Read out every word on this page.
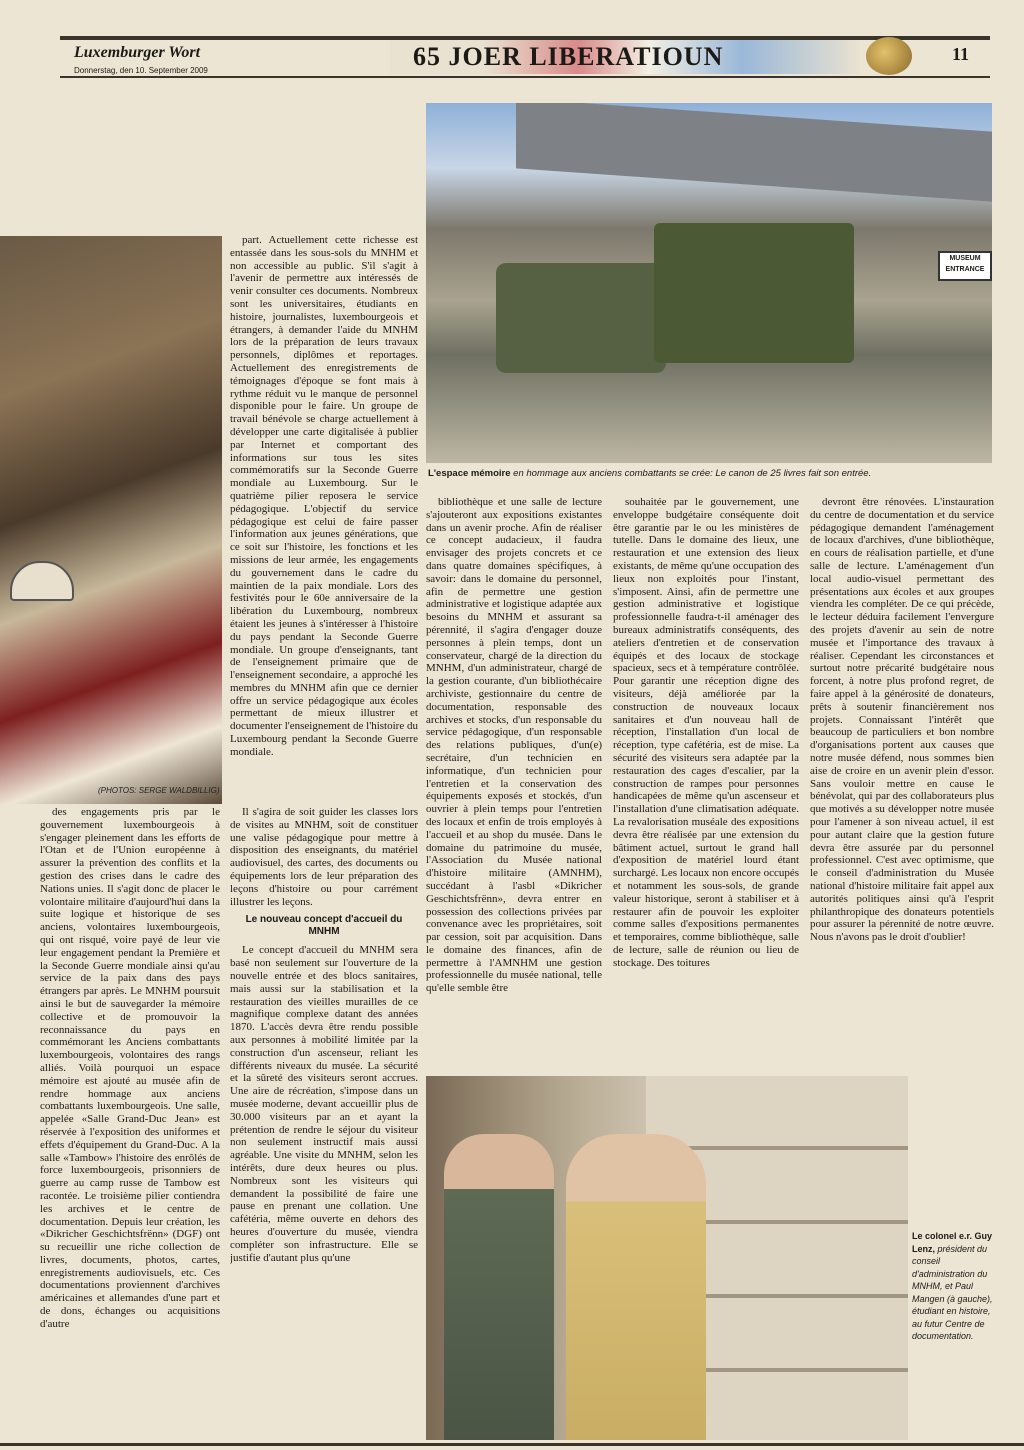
Luxemburger Wort
Donnerstag, den 10. September 2009	65 JOER LIBERATIOUN	11
(PHOTOS: SERGE WALDBILLIG)
MUSEUM ENTRANCE
L'espace mémoire en hommage aux anciens combattants se crée: Le canon de 25 livres fait son entrée.

part. Actuellement cette richesse est entassée dans les sous-sols du MNHM et non accessible au public. S'il s'agit à l'avenir de permettre aux intéressés de venir consulter ces documents. Nombreux sont les universitaires, étudiants en histoire, journalistes, luxembourgeois et étrangers, à demander l'aide du MNHM lors de la préparation de leurs travaux personnels, diplômes et reportages. Actuellement des enregistrements de témoignages d'époque se font mais à rythme réduit vu le manque de personnel disponible pour le faire. Un groupe de travail bénévole se charge actuellement à développer une carte digitalisée à publier par Internet et comportant des informations sur tous les sites commémoratifs sur la Seconde Guerre mondiale au Luxembourg. Sur le quatrième pilier reposera le service pédagogique. L'objectif du service pédagogique est celui de faire passer l'information aux jeunes générations, que ce soit sur l'histoire, les fonctions et les missions de leur armée, les engagements du gouvernement dans le cadre du maintien de la paix mondiale. Lors des festivités pour le 60e anniversaire de la libération du Luxembourg, nombreux étaient les jeunes à s'intéresser à l'histoire du pays pendant la Seconde Guerre mondiale. Un groupe d'enseignants, tant de l'enseignement primaire que de l'enseignement secondaire, a approché les membres du MNHM afin que ce dernier offre un service pédagogique aux écoles permettant de mieux illustrer et documenter l'enseignement de l'histoire du Luxembourg pendant la Seconde Guerre mondiale.

des engagements pris par le gouvernement luxembourgeois à s'engager pleinement dans les efforts de l'Otan et de l'Union européenne à assurer la prévention des conflits et la gestion des crises dans le cadre des Nations unies. Il s'agit donc de placer le volontaire militaire d'aujourd'hui dans la suite logique et historique de ses anciens, volontaires luxembourgeois, qui ont risqué, voire payé de leur vie leur engagement pendant la Première et la Seconde Guerre mondiale ainsi qu'au service de la paix dans des pays étrangers par après. Le MNHM poursuit ainsi le but de sauvegarder la mémoire collective et de promouvoir la reconnaissance du pays en commémorant les Anciens combattants luxembourgeois, volontaires des rangs alliés. Voilà pourquoi un espace mémoire est ajouté au musée afin de rendre hommage aux anciens combattants luxembourgeois. Une salle, appelée «Salle Grand-Duc Jean» est réservée à l'exposition des uniformes et effets d'équipement du Grand-Duc. A la salle «Tambow» l'histoire des enrôlés de force luxembourgeois, prisonniers de guerre au camp russe de Tambow est racontée. Le troisième pilier contiendra les archives et le centre de documentation. Depuis leur création, les «Dikricher Geschichtsfrënn» (DGF) ont su recueillir une riche collection de livres, documents, photos, cartes, enregistrements audiovisuels, etc. Ces documentations proviennent d'archives américaines et allemandes d'une part et de dons, échanges ou acquisitions d'autre

Il s'agira de soit guider les classes lors de visites au MNHM, soit de constituer une valise pédagogique pour mettre à disposition des enseignants, du matériel audiovisuel, des cartes, des documents ou équipements lors de leur préparation des leçons d'histoire ou pour carrément illustrer les leçons.

Le nouveau concept d'accueil du MNHM

Le concept d'accueil du MNHM sera basé non seulement sur l'ouverture de la nouvelle entrée et des blocs sanitaires, mais aussi sur la stabilisation et la restauration des vieilles murailles de ce magnifique complexe datant des années 1870. L'accès devra être rendu possible aux personnes à mobilité limitée par la construction d'un ascenseur, reliant les différents niveaux du musée. La sécurité et la sûreté des visiteurs seront accrues. Une aire de récréation, s'impose dans un musée moderne, devant accueillir plus de 30.000 visiteurs par an et ayant la prétention de rendre le séjour du visiteur non seulement instructif mais aussi agréable. Une visite du MNHM, selon les intérêts, dure deux heures ou plus. Nombreux sont les visiteurs qui demandent la possibilité de faire une pause en prenant une collation. Une cafétéria, même ouverte en dehors des heures d'ouverture du musée, viendra compléter son infrastructure. Elle se justifie d'autant plus qu'une

bibliothèque et une salle de lecture s'ajouteront aux expositions existantes dans un avenir proche. Afin de réaliser ce concept audacieux, il faudra envisager des projets concrets et ce dans quatre domaines spécifiques, à savoir: dans le domaine du personnel, afin de permettre une gestion administrative et logistique adaptée aux besoins du MNHM et assurant sa pérennité, il s'agira d'engager douze personnes à plein temps, dont un conservateur, chargé de la direction du MNHM, d'un administrateur, chargé de la gestion courante, d'un bibliothécaire archiviste, gestionnaire du centre de documentation, responsable des archives et stocks, d'un responsable du service pédagogique, d'un responsable des relations publiques, d'un(e) secrétaire, d'un technicien en informatique, d'un technicien pour l'entretien et la conservation des équipements exposés et stockés, d'un ouvrier à plein temps pour l'entretien des locaux et enfin de trois employés à l'accueil et au shop du musée. Dans le domaine du patrimoine du musée, l'Association du Musée national d'histoire militaire (AMNHM), succédant à l'asbl «Dikricher Geschichtsfrënn», devra entrer en possession des collections privées par convenance avec les propriétaires, soit par cession, soit par acquisition. Dans le domaine des finances, afin de permettre à l'AMNHM une gestion professionnelle du musée national, telle qu'elle semble être

souhaitée par le gouvernement, une enveloppe budgétaire conséquente doit être garantie par le ou les ministères de tutelle. Dans le domaine des lieux, une restauration et une extension des lieux existants, de même qu'une occupation des lieux non exploités pour l'instant, s'imposent. Ainsi, afin de permettre une gestion administrative et logistique professionnelle faudra-t-il aménager des bureaux administratifs conséquents, des ateliers d'entretien et de conservation équipés et des locaux de stockage spacieux, secs et à température contrôlée. Pour garantir une réception digne des visiteurs, déjà améliorée par la construction de nouveaux locaux sanitaires et d'un nouveau hall de réception, l'installation d'un local de réception, type cafétéria, est de mise. La sécurité des visiteurs sera adaptée par la restauration des cages d'escalier, par la construction de rampes pour personnes handicapées de même qu'un ascenseur et l'installation d'une climatisation adéquate. La revalorisation muséale des expositions devra être réalisée par une extension du bâtiment actuel, surtout le grand hall d'exposition de matériel lourd étant surchargé. Les locaux non encore occupés et notamment les sous-sols, de grande valeur historique, seront à stabiliser et à restaurer afin de pouvoir les exploiter comme salles d'expositions permanentes et temporaires, comme bibliothèque, salle de lecture, salle de réunion ou lieu de stockage. Des toitures

devront être rénovées. L'instauration du centre de documentation et du service pédagogique demandent l'aménagement de locaux d'archives, d'une bibliothèque, en cours de réalisation partielle, et d'une salle de lecture. L'aménagement d'un local audio-visuel permettant des présentations aux écoles et aux groupes viendra les compléter. De ce qui précède, le lecteur déduira facilement l'envergure des projets d'avenir au sein de notre musée et l'importance des travaux à réaliser. Cependant les circonstances et surtout notre précarité budgétaire nous forcent, à notre plus profond regret, de faire appel à la générosité de donateurs, prêts à soutenir financièrement nos projets. Connaissant l'intérêt que beaucoup de particuliers et bon nombre d'organisations portent aux causes que notre musée défend, nous sommes bien aise de croire en un avenir plein d'essor. Sans vouloir mettre en cause le bénévolat, qui par des collaborateurs plus que motivés a su développer notre musée pour l'amener à son niveau actuel, il est pour autant claire que la gestion future devra être assurée par du personnel professionnel. C'est avec optimisme, que le conseil d'administration du Musée national d'histoire militaire fait appel aux autorités politiques ainsi qu'à l'esprit philanthropique des donateurs potentiels pour assurer la pérennité de notre œuvre. Nous n'avons pas le droit d'oublier!

Le colonel e.r. Guy Lenz, président du conseil d'administration du MNHM, et Paul Mangen (à gauche), étudiant en histoire, au futur Centre de documentation.
